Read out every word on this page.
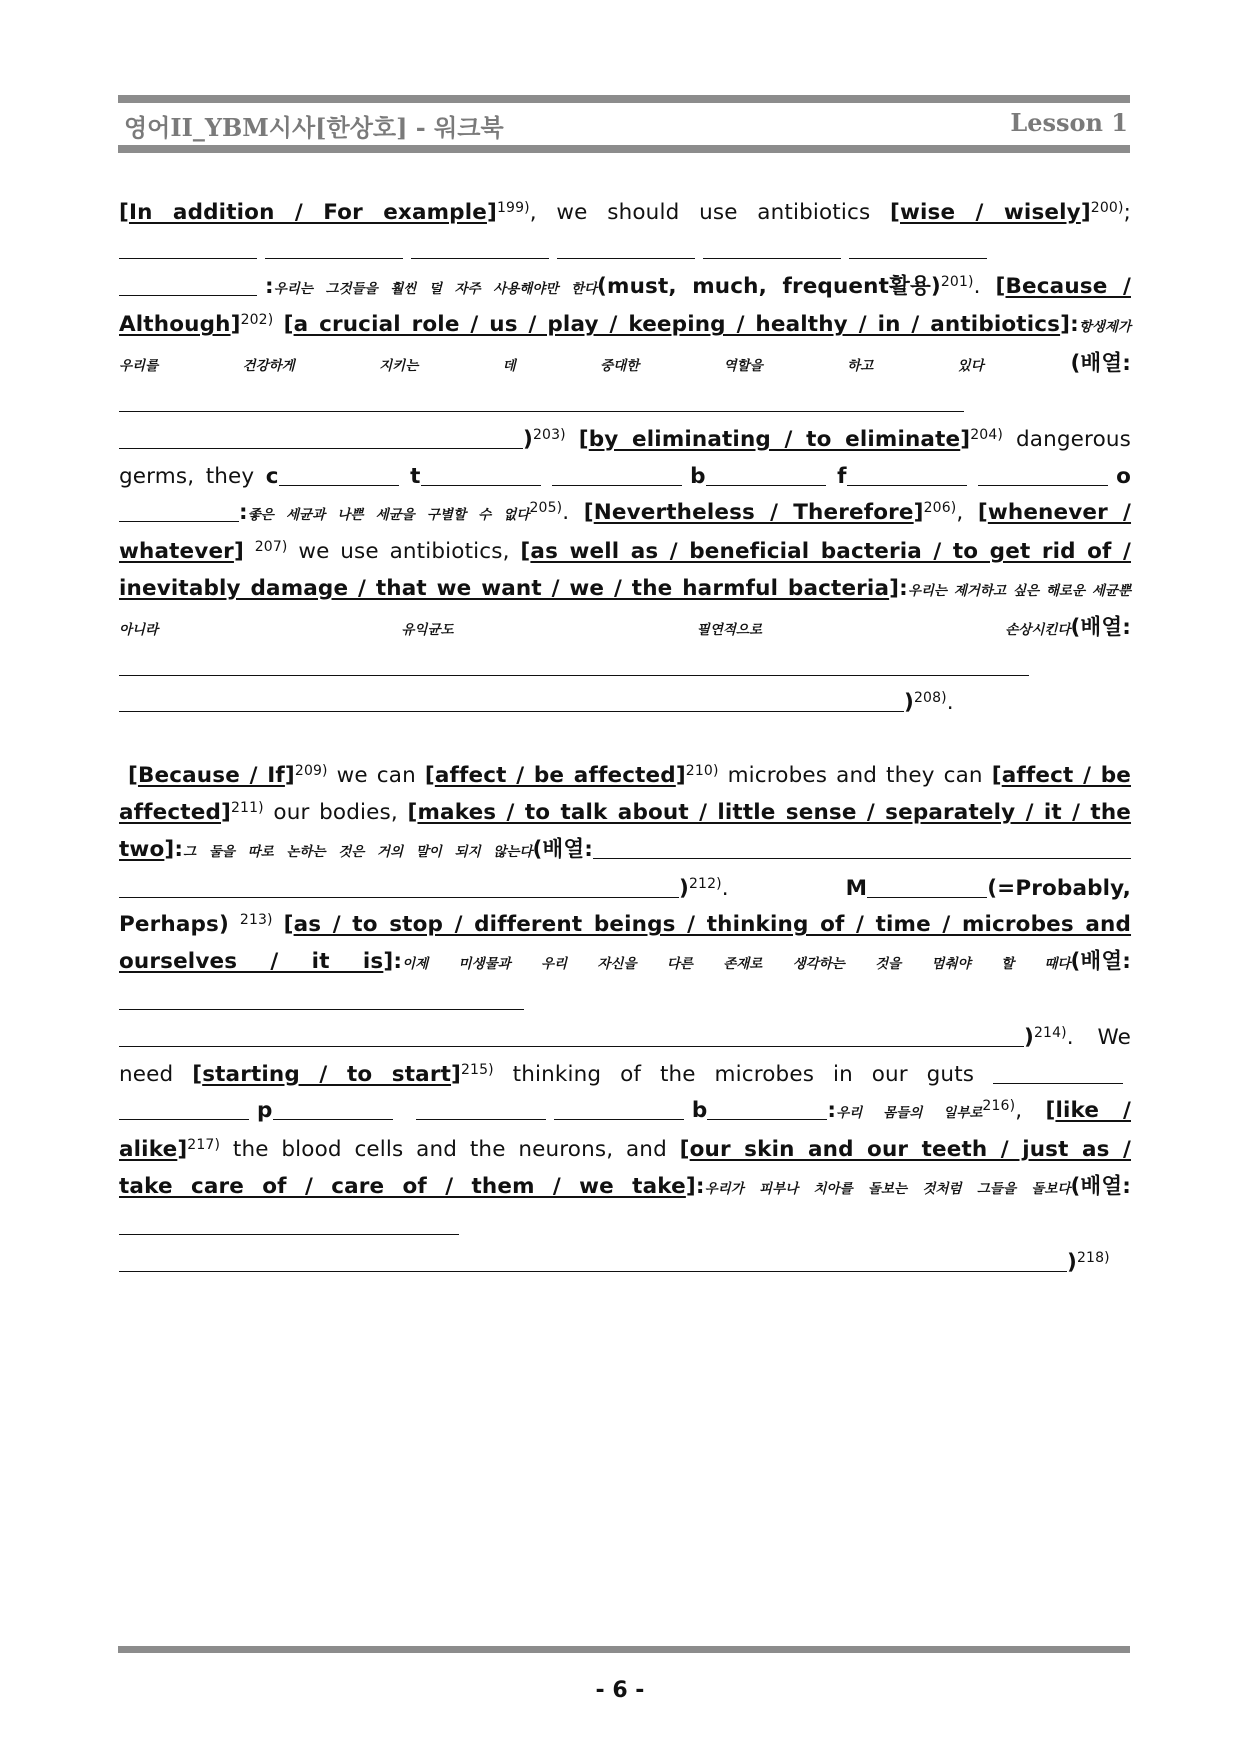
영어II_YBM시사[한상호] - 워크북	Lesson 1
[In addition / For example]$^{199)}$, we should use antibiotics [wise / wisely]$^{200)}$; :우리는 그것들을 훨씬 덜 자주 사용해야만 한다(must, much, frequent활용)$^{201)}$. [Because / Although]$^{202)}$ [a crucial role / us / play / keeping / healthy / in / antibiotics]:항생제가 우리를 건강하게 지키는 데 중대한 역할을 하고 있다	(배열: )$^{203)}$ [by eliminating / to eliminate]$^{204)}$ dangerous germs, they c	t	b	f	o:좋은 세균과 나쁜 세균을 구별할 수 없다$^{205)}$. [Nevertheless / Therefore]$^{206)}$, [whenever / whatever] $^{207)}$ we use antibiotics, [as well as / beneficial bacteria / to get rid of / inevitably damage / that we want / we / the harmful bacteria]:우리는 제거하고 싶은 해로운 세균뿐 아니라 유익균도 필연적으로 손상시킨다(배열: )$^{208)}$.
[Because / If]$^{209)}$ we can [affect / be affected]$^{210)}$ microbes and they can [affect / be affected]$^{211)}$ our bodies, [makes / to talk about / little sense / separately / it / the two]:그 둘을 따로 논하는 것은 거의 말이 되지 않는다(배열: )$^{212)}$. M	(=Probably, Perhaps) $^{213)}$ [as / to stop / different beings / thinking of / time / microbes and ourselves / it is]:이제 미생물과 우리 자신을 다른 존재로 생각하는 것을 멈춰야 할 때다(배열: )$^{214)}$. We need [starting / to start]$^{215)}$ thinking of the microbes in our guts p	b	:우리 몸들의 일부로$^{216)}$, [like / alike]$^{217)}$ the blood cells and the neurons, and [our skin and our teeth / just as / take care of / care of / them / we take]:우리가 피부나 치아를 돌보는 것처럼 그들을 돌보다(배열: )$^{218)}$
- 6 -
